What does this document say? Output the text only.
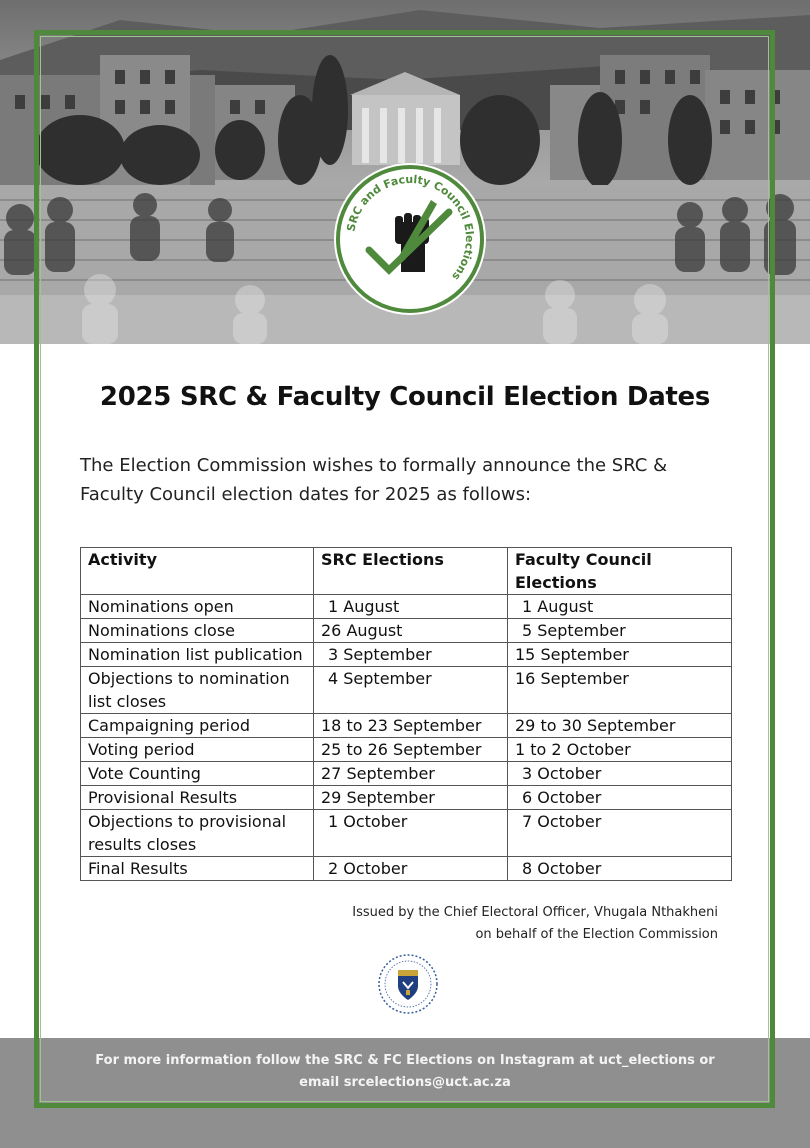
SRC and Faculty Council Elections
2025 SRC & Faculty Council Election Dates
The Election Commission wishes to formally announce the SRC &
Faculty Council election dates for 2025 as follows:
Activity	SRC Elections	Faculty Council Elections
Nominations open	1 August	1 August
Nominations close	26 August	5 September
Nomination list publication	3 September	15 September
Objections to nomination list closes	4 September	16 September
Campaigning period	18 to 23 September	29 to 30 September
Voting period	25 to 26 September	1 to 2 October
Vote Counting	27 September	3 October
Provisional Results	29 September	6 October
Objections to provisional results closes	1 October	7 October
Final Results	2 October	8 October
Issued by the Chief Electoral Officer, Vhugala Nthakheni
on behalf of the Election Commission
For more information follow the SRC & FC Elections on Instagram at uct_elections or
email srcelections@uct.ac.za
